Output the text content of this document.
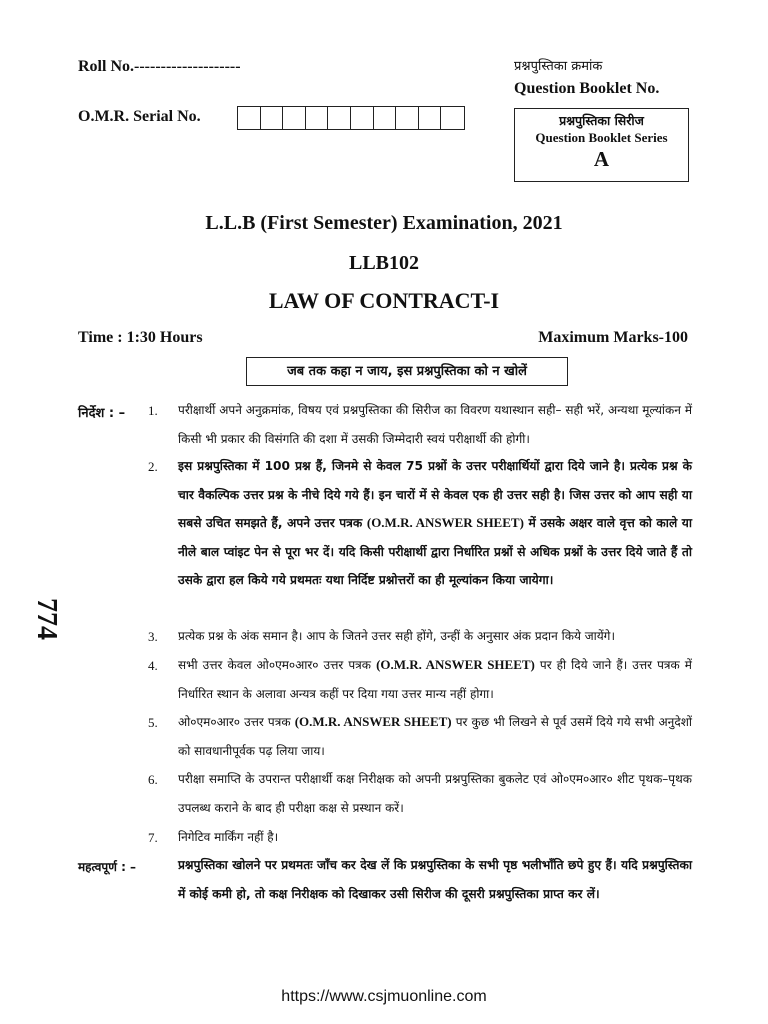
Roll No.--------------------
O.M.R. Serial No.
प्रश्नपुस्तिका क्रमांक
Question Booklet No.
प्रश्नपुस्तिका सिरीज
Question Booklet Series
A
L.L.B (First Semester) Examination, 2021
LLB102
LAW OF CONTRACT-I
Time : 1:30 Hours	Maximum Marks-100
जब तक कहा न जाय, इस प्रश्नपुस्तिका को न खोलें
774
निर्देश : – 1. परीक्षार्थी अपने अनुक्रमांक, विषय एवं प्रश्नपुस्तिका की सिरीज का विवरण यथास्थान सही– सही भरें, अन्यथा मूल्यांकन में किसी भी प्रकार की विसंगति की दशा में उसकी जिम्मेदारी स्वयं परीक्षार्थी की होगी।
2. इस प्रश्नपुस्तिका में 100 प्रश्न हैं, जिनमे से केवल 75 प्रश्नों के उत्तर परीक्षार्थियों द्वारा दिये जाने है। प्रत्येक प्रश्न के चार वैकल्पिक उत्तर प्रश्न के नीचे दिये गये हैं। इन चारों में से केवल एक ही उत्तर सही है। जिस उत्तर को आप सही या सबसे उचित समझते हैं, अपने उत्तर पत्रक (O.M.R. ANSWER SHEET) में उसके अक्षर वाले वृत्त को काले या नीले बाल प्वांइट पेन से पूरा भर दें। यदि किसी परीक्षार्थी द्वारा निर्धारित प्रश्नों से अधिक प्रश्नों के उत्तर दिये जाते हैं तो उसके द्वारा हल किये गये प्रथमतः यथा निर्दिष्ट प्रश्नोत्तरों का ही मूल्यांकन किया जायेगा।
3. प्रत्येक प्रश्न के अंक समान है। आप के जितने उत्तर सही होंगे, उन्हीं के अनुसार अंक प्रदान किये जायेंगे।
4. सभी उत्तर केवल ओ०एम०आर० उत्तर पत्रक (O.M.R. ANSWER SHEET) पर ही दिये जाने हैं। उत्तर पत्रक में निर्धारित स्थान के अलावा अन्यत्र कहीं पर दिया गया उत्तर मान्य नहीं होगा।
5. ओ०एम०आर० उत्तर पत्रक (O.M.R. ANSWER SHEET) पर कुछ भी लिखने से पूर्व उसमें दिये गये सभी अनुदेशों को सावधानीपूर्वक पढ़ लिया जाय।
6. परीक्षा समाप्ति के उपरान्त परीक्षार्थी कक्ष निरीक्षक को अपनी प्रश्नपुस्तिका बुकलेट एवं ओ०एम०आर० शीट पृथक–पृथक उपलब्ध कराने के बाद ही परीक्षा कक्ष से प्रस्थान करें।
7. निगेटिव मार्किंग नहीं है।
महत्वपूर्ण : –	प्रश्नपुस्तिका खोलने पर प्रथमतः जाँच कर देख लें कि प्रश्नपुस्तिका के सभी पृष्ठ भलीभाँति छपे हुए हैं। यदि प्रश्नपुस्तिका में कोई कमी हो, तो कक्ष निरीक्षक को दिखाकर उसी सिरीज की दूसरी प्रश्नपुस्तिका प्राप्त कर लें।
https://www.csjmuonline.com
